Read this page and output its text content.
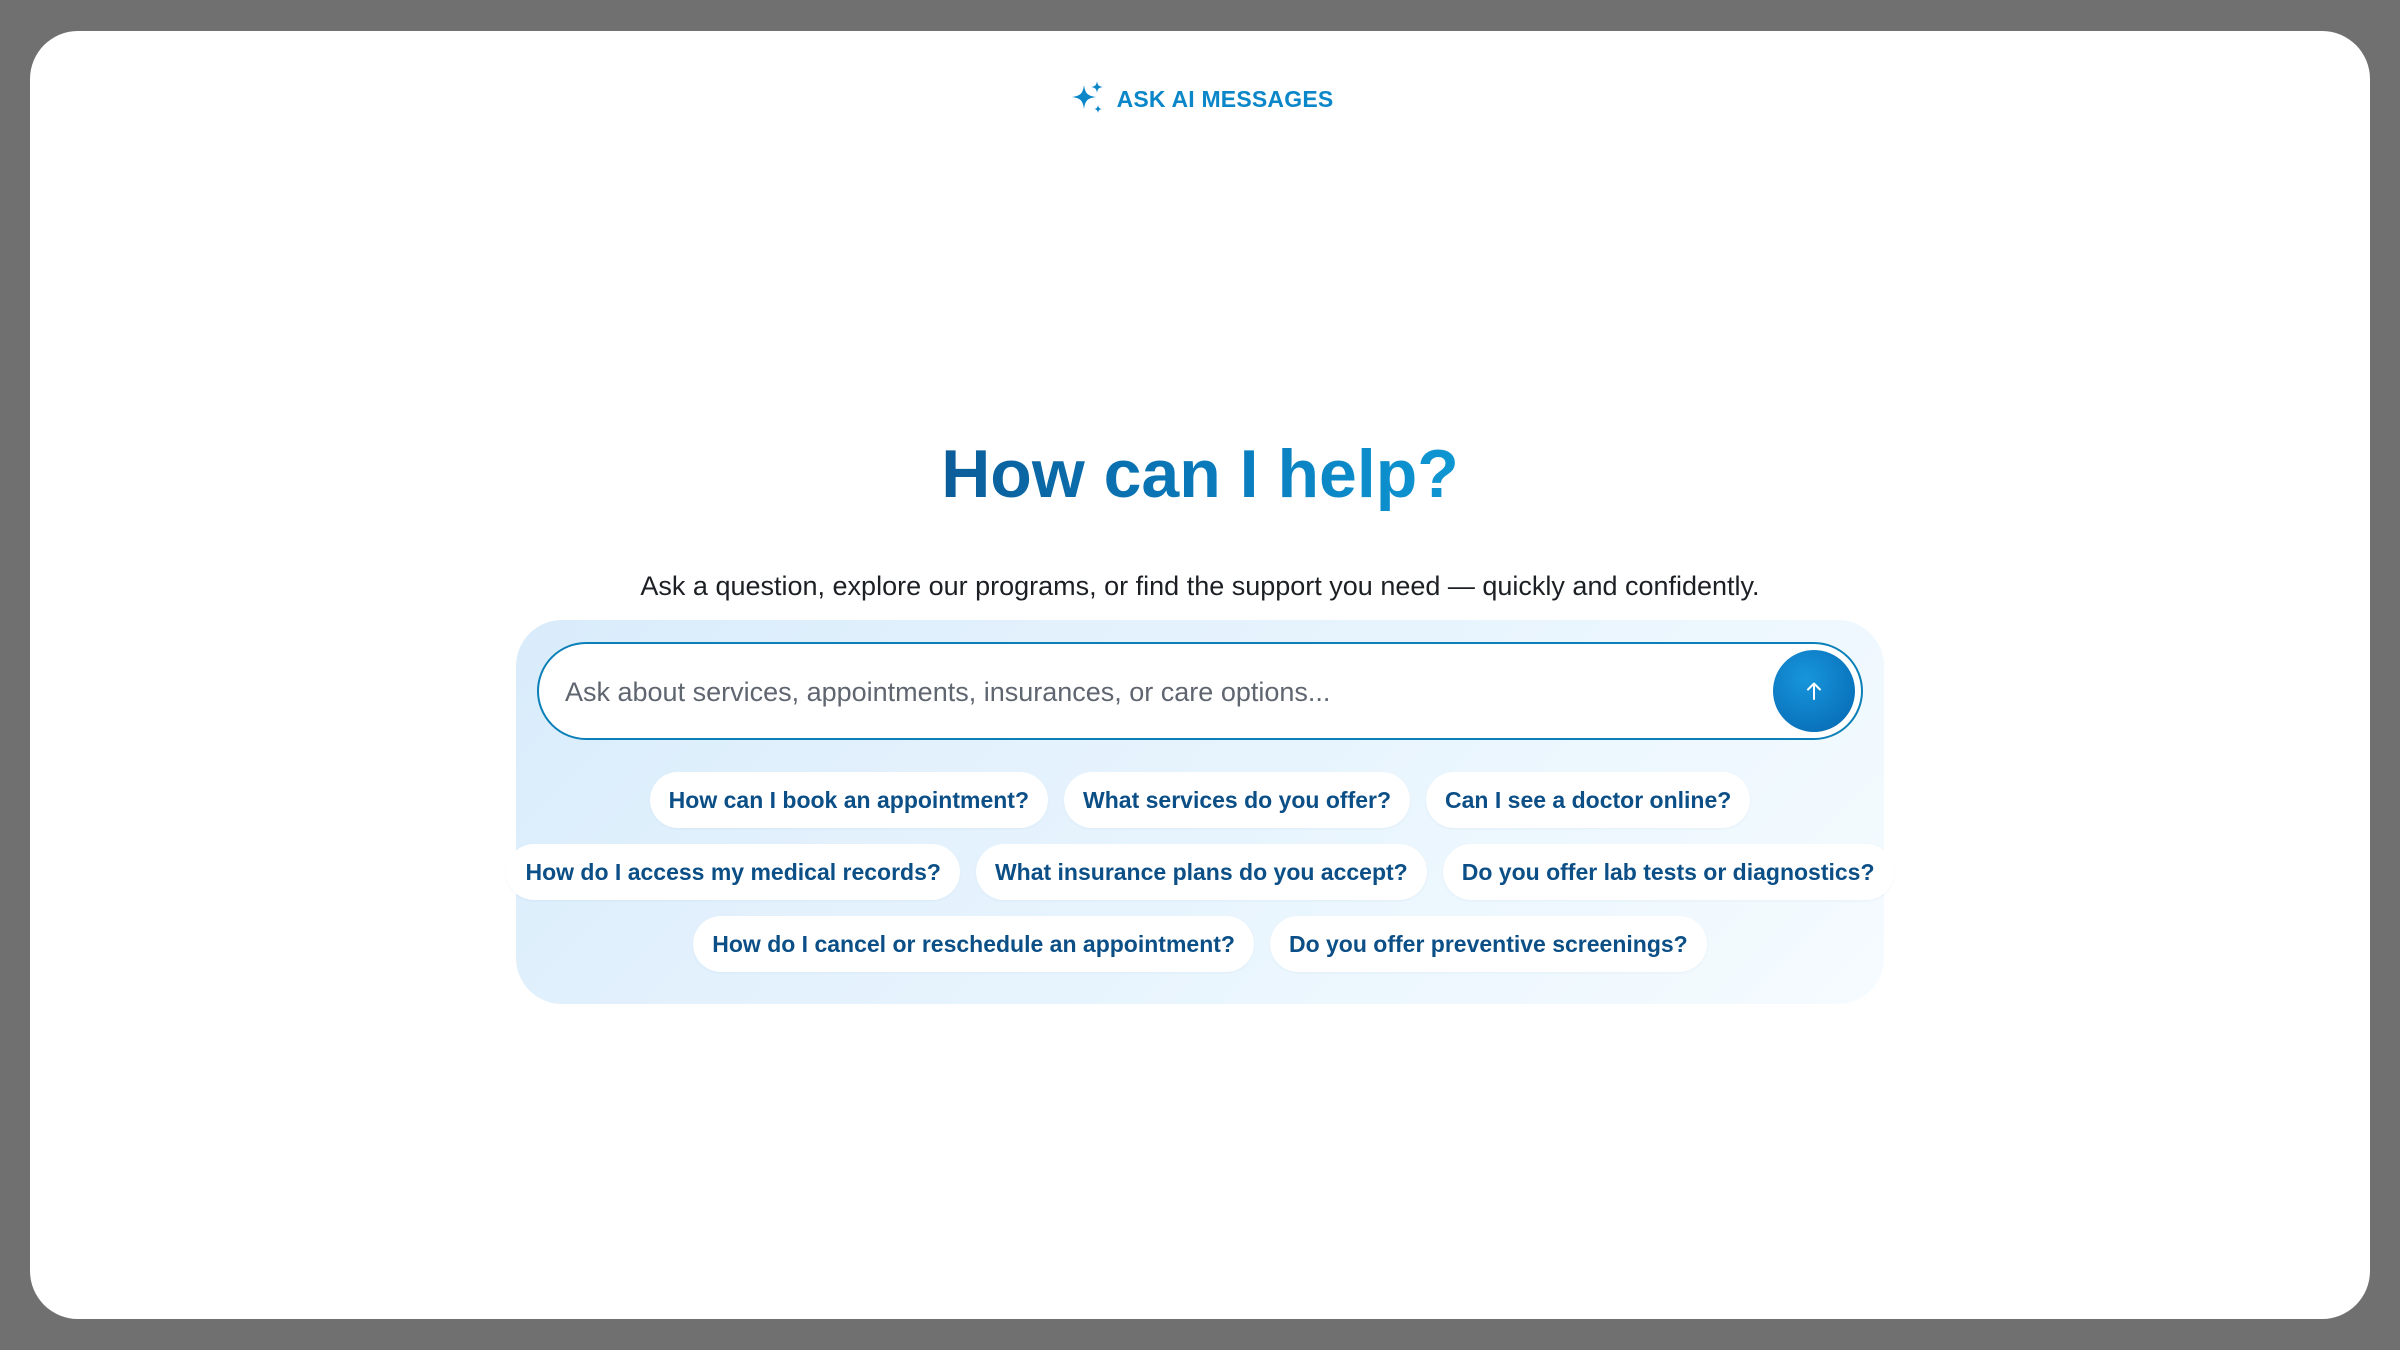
ASK AI MESSAGES
How can I help?

Ask a question, explore our programs, or find the support you need — quickly and confidently.

Ask about services, appointments, insurances, or care options...
How can I book an appointment?	What services do you offer?	Can I see a doctor online?
How do I access my medical records?	What insurance plans do you accept?	Do you offer lab tests or diagnostics?
How do I cancel or reschedule an appointment?	Do you offer preventive screenings?
